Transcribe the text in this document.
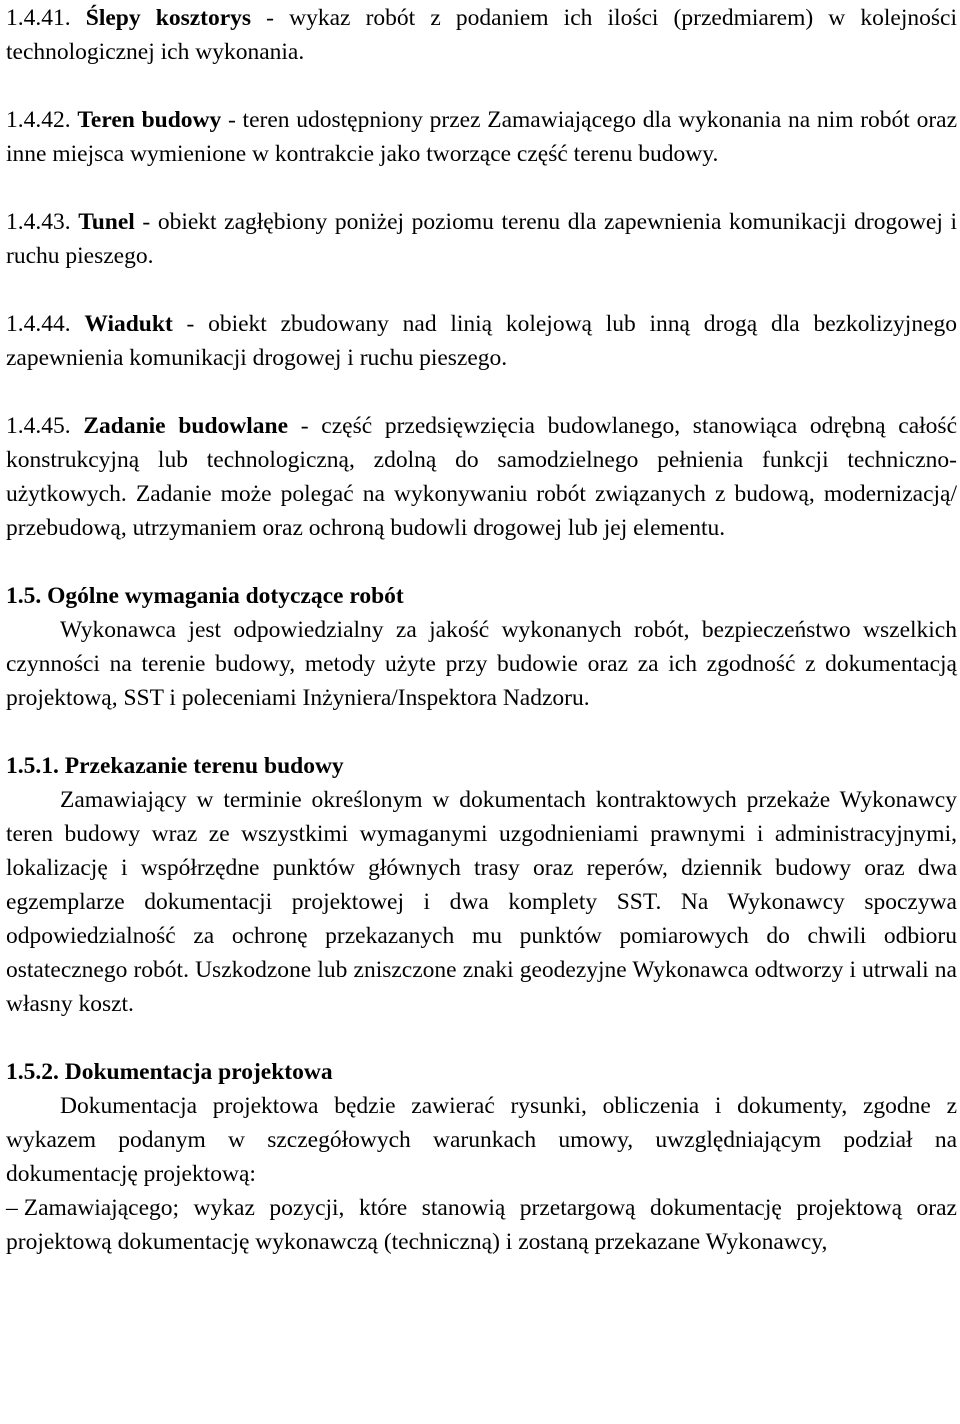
1.4.41. Ślepy kosztorys - wykaz robót z podaniem ich ilości (przedmiarem) w kolejności technologicznej ich wykonania.

1.4.42. Teren budowy - teren udostępniony przez Zamawiającego dla wykonania na nim robót oraz inne miejsca wymienione w kontrakcie jako tworzące część terenu budowy.

1.4.43. Tunel - obiekt zagłębiony poniżej poziomu terenu dla zapewnienia komunikacji drogowej i ruchu pieszego.

1.4.44. Wiadukt - obiekt zbudowany nad linią kolejową lub inną drogą dla bezkolizyjnego zapewnienia komunikacji drogowej i ruchu pieszego.

1.4.45. Zadanie budowlane - część przedsięwzięcia budowlanego, stanowiąca odrębną całość konstrukcyjną lub technologiczną, zdolną do samodzielnego pełnienia funkcji techniczno-użytkowych. Zadanie może polegać na wykonywaniu robót związanych z budową, modernizacją/ przebudową, utrzymaniem oraz ochroną budowli drogowej lub jej elementu.

1.5. Ogólne wymagania dotyczące robót

Wykonawca jest odpowiedzialny za jakość wykonanych robót, bezpieczeństwo wszelkich czynności na terenie budowy, metody użyte przy budowie oraz za ich zgodność z dokumentacją projektową, SST i poleceniami Inżyniera/Inspektora Nadzoru.

1.5.1. Przekazanie terenu budowy

Zamawiający w terminie określonym w dokumentach kontraktowych przekaże Wykonawcy teren budowy wraz ze wszystkimi wymaganymi uzgodnieniami prawnymi i administracyjnymi, lokalizację i współrzędne punktów głównych trasy oraz reperów, dziennik budowy oraz dwa egzemplarze dokumentacji projektowej i dwa komplety SST. Na Wykonawcy spoczywa odpowiedzialność za ochronę przekazanych mu punktów pomiarowych do chwili odbioru ostatecznego robót. Uszkodzone lub zniszczone znaki geodezyjne Wykonawca odtworzy i utrwali na własny koszt.

1.5.2. Dokumentacja projektowa

Dokumentacja projektowa będzie zawierać rysunki, obliczenia i dokumenty, zgodne z wykazem podanym w szczegółowych warunkach umowy, uwzględniającym podział na dokumentację projektową:

– Zamawiającego; wykaz pozycji, które stanowią przetargową dokumentację projektową oraz projektową dokumentację wykonawczą (techniczną) i zostaną przekazane Wykonawcy,
